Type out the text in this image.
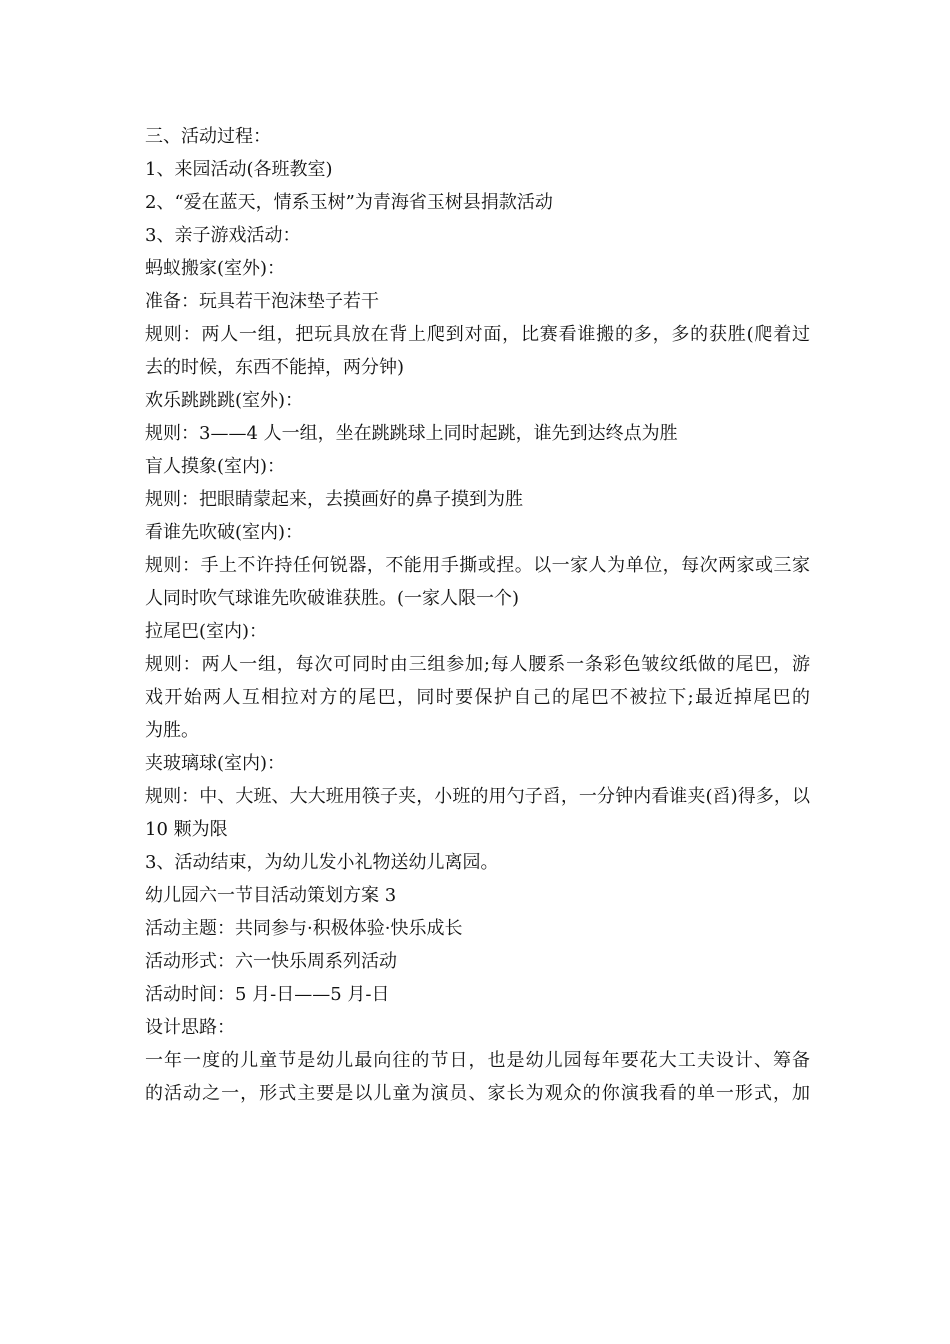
三、活动过程：
1、来园活动(各班教室)
2、“爱在蓝天，情系玉树”为青海省玉树县捐款活动
3、亲子游戏活动：
蚂蚁搬家(室外)：
准备：玩具若干泡沫垫子若干
规则：两人一组，把玩具放在背上爬到对面，比赛看谁搬的多，多的获胜(爬着过
去的时候，东西不能掉，两分钟)
欢乐跳跳跳(室外)：
规则：3——4 人一组，坐在跳跳球上同时起跳，谁先到达终点为胜
盲人摸象(室内)：
规则：把眼睛蒙起来，去摸画好的鼻子摸到为胜
看谁先吹破(室内)：
规则：手上不许持任何锐器，不能用手撕或捏。以一家人为单位，每次两家或三家
人同时吹气球谁先吹破谁获胜。(一家人限一个)
拉尾巴(室内)：
规则：两人一组，每次可同时由三组参加;每人腰系一条彩色皱纹纸做的尾巴，游
戏开始两人互相拉对方的尾巴，同时要保护自己的尾巴不被拉下;最近掉尾巴的
为胜。
夹玻璃球(室内)：
规则：中、大班、大大班用筷子夹，小班的用勺子舀，一分钟内看谁夹(舀)得多，以
10 颗为限
3、活动结束，为幼儿发小礼物送幼儿离园。
幼儿园六一节目活动策划方案 3
活动主题：共同参与·积极体验·快乐成长
活动形式：六一快乐周系列活动
活动时间：5 月-日——5 月-日
设计思路：
一年一度的儿童节是幼儿最向往的节日，也是幼儿园每年要花大工夫设计、筹备
的活动之一，形式主要是以儿童为演员、家长为观众的你演我看的单一形式，加
